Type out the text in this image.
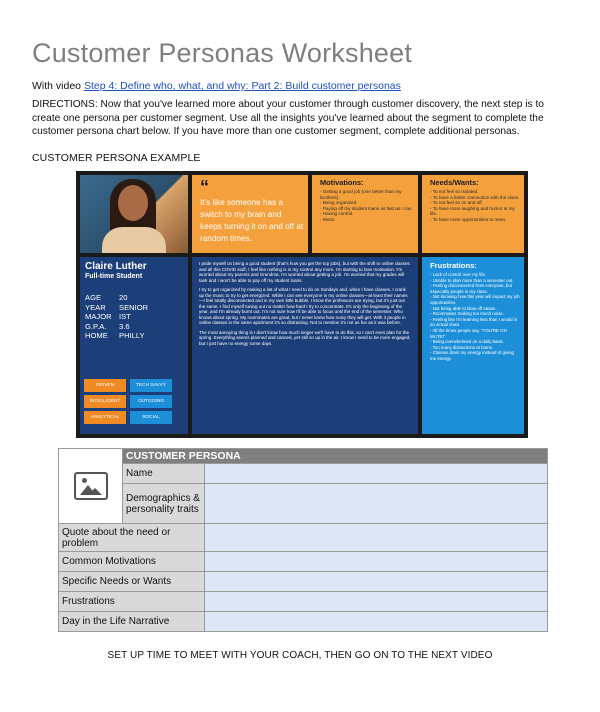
Customer Personas Worksheet
With video Step 4: Define who, what, and why: Part 2: Build customer personas
DIRECTIONS: Now that you've learned more about your customer through customer discovery, the next step is to create one persona per customer segment. Use all the insights you've learned about the segment to complete the customer persona chart below. If you have more than one customer segment, complete additional personas.
CUSTOMER PERSONA EXAMPLE
“
It's like someone has a switch to my brain and keeps turning it on and off at random times.
Motivations:
- Getting a good job (one better than my brothers).
- Being organized.
- Paying off my student loans as fast as I can.
- Having control.
- Music
Needs/Wants:
- To not feel so isolated.
- To have a better connection with the class.
- To not feel so on and off.
- To have more laughing and humor in my life.
- To have more opportunities to meet.
Claire Luther
Full-time Student
AGE	20
YEAR	SENIOR
MAJOR IST
G.P.A.	3.6
HOME	PHILLY
DRIVEN	TECH SAVVY
INTELLIGENT	OUTGOING
ANALYTICAL	SOCIAL

I pride myself on being a good student (that's how you get the top jobs), but with the shift to online classes and all this COVID stuff, I feel like nothing is in my control any more. I'm starting to lose motivation. I'm worried about my parents and Grandma. I'm worried about getting a job. I'm worried that my grades will tank and I won't be able to pay off my student loans.

I try to get organized by making a list of what I need to do on Sundays and, when I have classes, I crank up the music to try to get energized. While I can see everyone in my online classes—at least their names—I feel totally disconnected and in my own little bubble. I know the professors are trying, but it's just not the same. I find myself tuning out no matter how hard I try to concentrate. It's only the beginning of the year, and I'm already burnt out. I'm not sure how I'll be able to focus until the end of the semester. Who knows about spring. My roommates are great, but I never knew how noisy they will get. With 3 people in online classes in the same apartment it's so distracting. Not to mention it's not as fun as it was before.

The most annoying thing is I don't know how much longer we'll have to do this, so I can't even plan for the spring. Everything seems planned and canned, yet still so up in the air. I know I need to be more engaged, but I just have no energy some days.

Frustrations:
- Lack of control over my life.
- Unable to plan more than a semester out.
- Feeling disconnected from everyone, but especially people in my class.
- Not knowing how this year will impact my job opportunities.
- Not being able to blow off steam.
- Roommates making too much noise.
- Feeling like I'm learning less than I would in an actual class.
- All the times people say, "YOU'RE ON MUTE!"
- Being overwhelmed on a daily basis.
- Too many distractions at home.
- Classes drain my energy instead of giving me energy.
	CUSTOMER PERSONA	
	Name	
	Demographics & personality traits	
Quote about the need or problem		
Common Motivations		
Specific Needs or Wants		
Frustrations		
Day in the Life Narrative		
SET UP TIME TO MEET WITH YOUR COACH, THEN GO ON TO THE NEXT VIDEO
